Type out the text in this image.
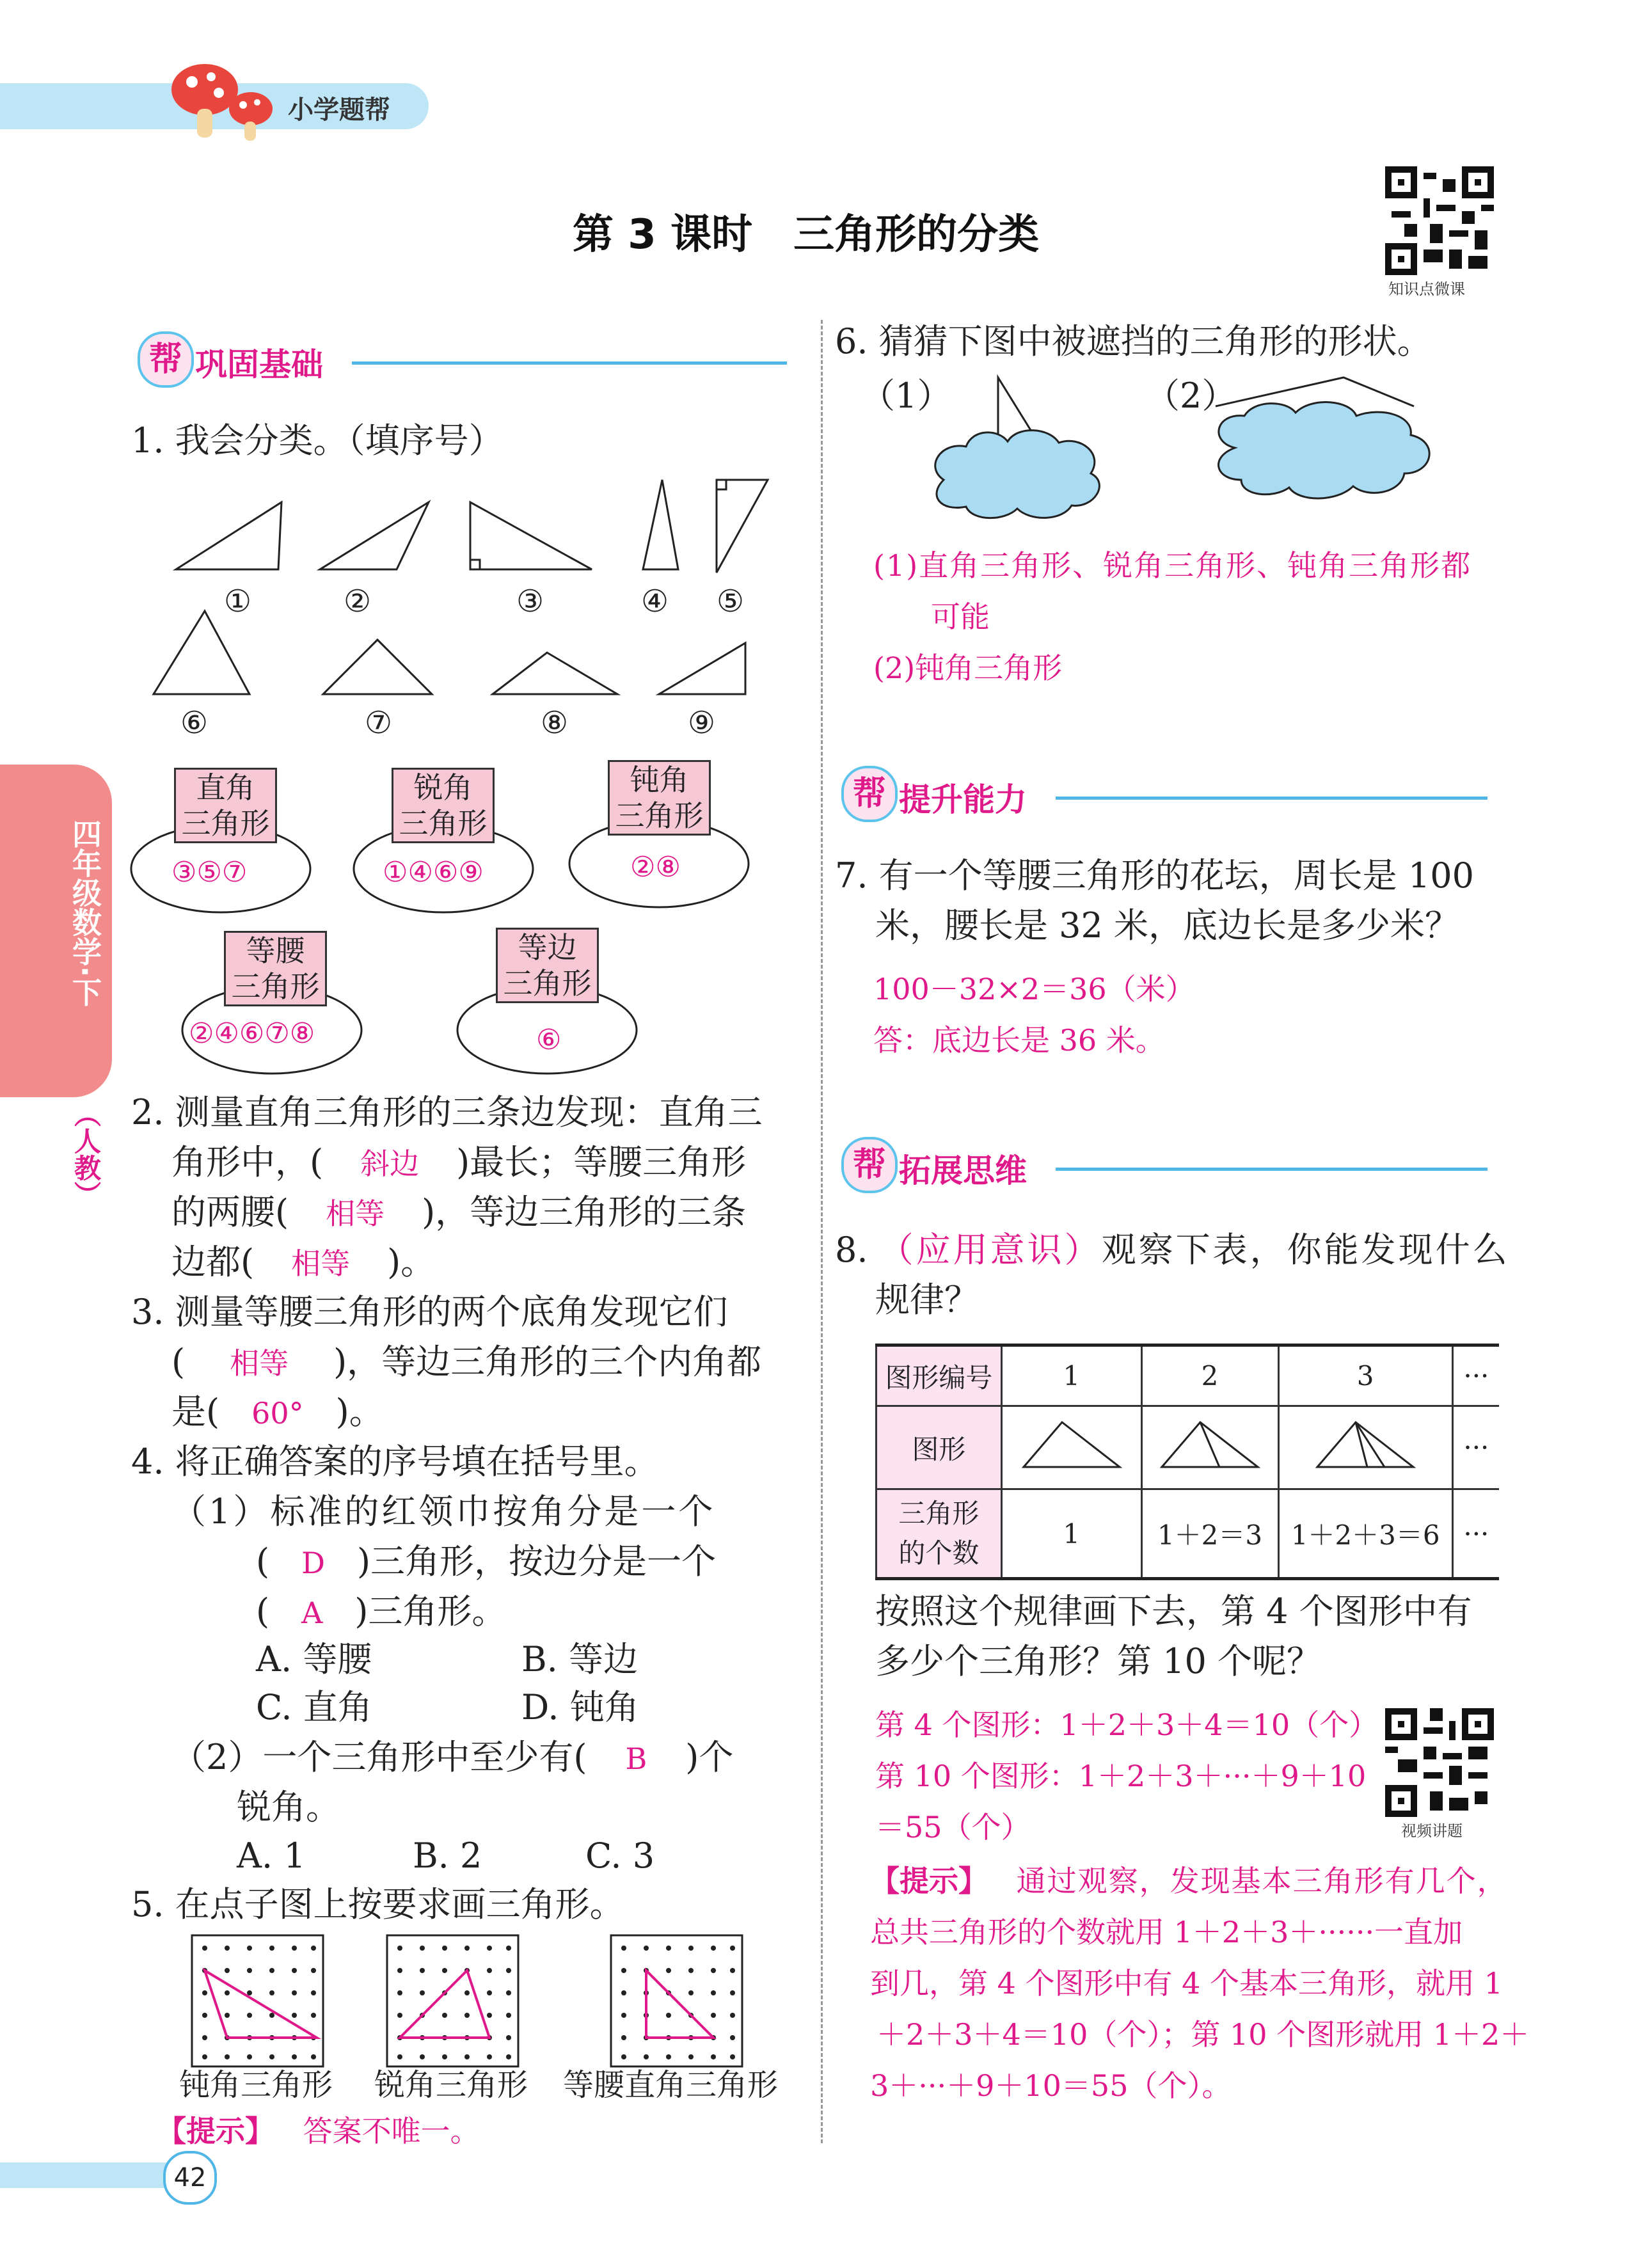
小学题帮
第 3 课时　三角形的分类
知识点微课
四年级数学·下
（人教）
帮 巩固基础
1. 我会分类。（填序号）
①	②	③	④ ⑤
⑥	⑦	⑧	⑨
直角
三角形
③⑤⑦
锐角
三角形
①④⑥⑨
钝角
三角形
②⑧
等腰
三角形
②④⑥⑦⑧
等边
三角形
⑥
2. 测量直角三角形的三条边发现：直角三
角形中，( 斜边 )最长；等腰三角形
的两腰( 相等 )，等边三角形的三条
边都( 相等 )。
3. 测量等腰三角形的两个底角发现它们
( 相等 )，等边三角形的三个内角都
是( 60° )。
4. 将正确答案的序号填在括号里。
（1）标准的红领巾按角分是一个
( D )三角形，按边分是一个
( A )三角形。
A. 等腰	B. 等边
C. 直角	D. 钝角
（2）一个三角形中至少有( B )个
锐角。
A. 1	B. 2	C. 3
5. 在点子图上按要求画三角形。
钝角三角形 锐角三角形 等腰直角三角形
【提示】 答案不唯一。
42
6. 猜猜下图中被遮挡的三角形的形状。
（1）	（2）
(1)直角三角形、锐角三角形、钝角三角形都
可能
(2)钝角三角形
帮 提升能力
7. 有一个等腰三角形的花坛，周长是 100
米，腰长是 32 米，底边长是多少米？
100－32×2＝36（米）
答：底边长是 36 米。
帮 拓展思维
8. （应用意识）观察下表，你能发现什么
规律？
图形编号	1	2	3	···
图形				···

三角形
的个数	1	1＋2＝3	1＋2＋3＝6	···
按照这个规律画下去，第 4 个图形中有
多少个三角形？第 10 个呢？
第 4 个图形：1＋2＋3＋4＝10（个）
第 10 个图形：1＋2＋3＋···＋9＋10
＝55（个）	视频讲题
【提示】 通过观察，发现基本三角形有几个，
总共三角形的个数就用 1＋2＋3＋······一直加
到几，第 4 个图形中有 4 个基本三角形，就用 1
＋2＋3＋4＝10（个）；第 10 个图形就用 1＋2＋
3＋···＋9＋10＝55（个）。
